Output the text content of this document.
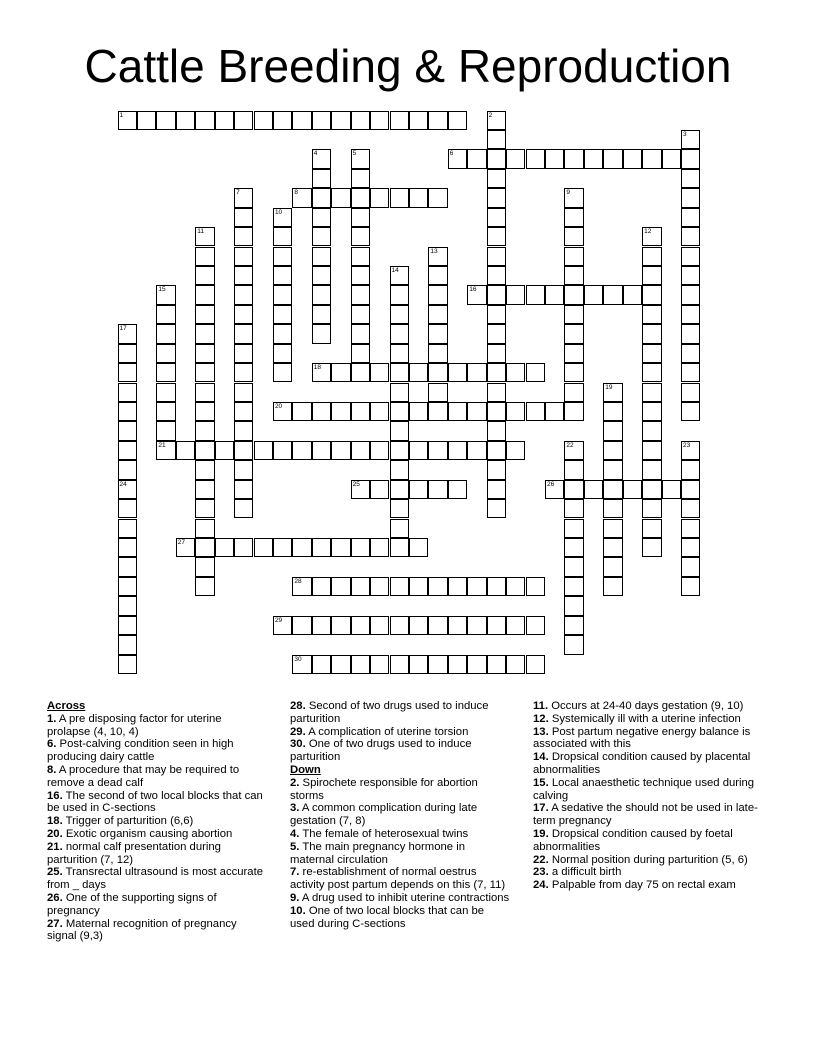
Cattle Breeding & Reproduction
1	2
3
4	5	6
7	8	9
10
11	12
13
14
15	16
17
24
18
19
20
21	22	23
25	26
27
28
29
30
Across
1. A pre disposing factor for uterine prolapse (4, 10, 4)
6. Post-calving condition seen in high producing dairy cattle
8. A procedure that may be required to remove a dead calf
16. The second of two local blocks that can be used in C-sections
18. Trigger of parturition (6,6)
20. Exotic organism causing abortion
21. normal calf presentation during parturition (7, 12)
25. Transrectal ultrasound is most accurate from _ days
26. One of the supporting signs of pregnancy
27. Maternal recognition of pregnancy signal (9,3)
28. Second of two drugs used to induce parturition
29. A complication of uterine torsion
30. One of two drugs used to induce parturition
Down
2. Spirochete responsible for abortion storms
3. A common complication during late gestation (7, 8)
4. The female of heterosexual twins
5. The main pregnancy hormone in maternal circulation
7. re-establishment of normal oestrus activity post partum depends on this (7, 11)
9. A drug used to inhibit uterine contractions
10. One of two local blocks that can be used during C-sections
11. Occurs at 24-40 days gestation (9, 10)
12. Systemically ill with a uterine infection
13. Post partum negative energy balance is associated with this
14. Dropsical condition caused by placental abnormalities
15. Local anaesthetic technique used during calving
17. A sedative the should not be used in late-term pregnancy
19. Dropsical condition caused by foetal abnormalities
22. Normal position during parturition (5, 6)
23. a difficult birth
24. Palpable from day 75 on rectal exam
